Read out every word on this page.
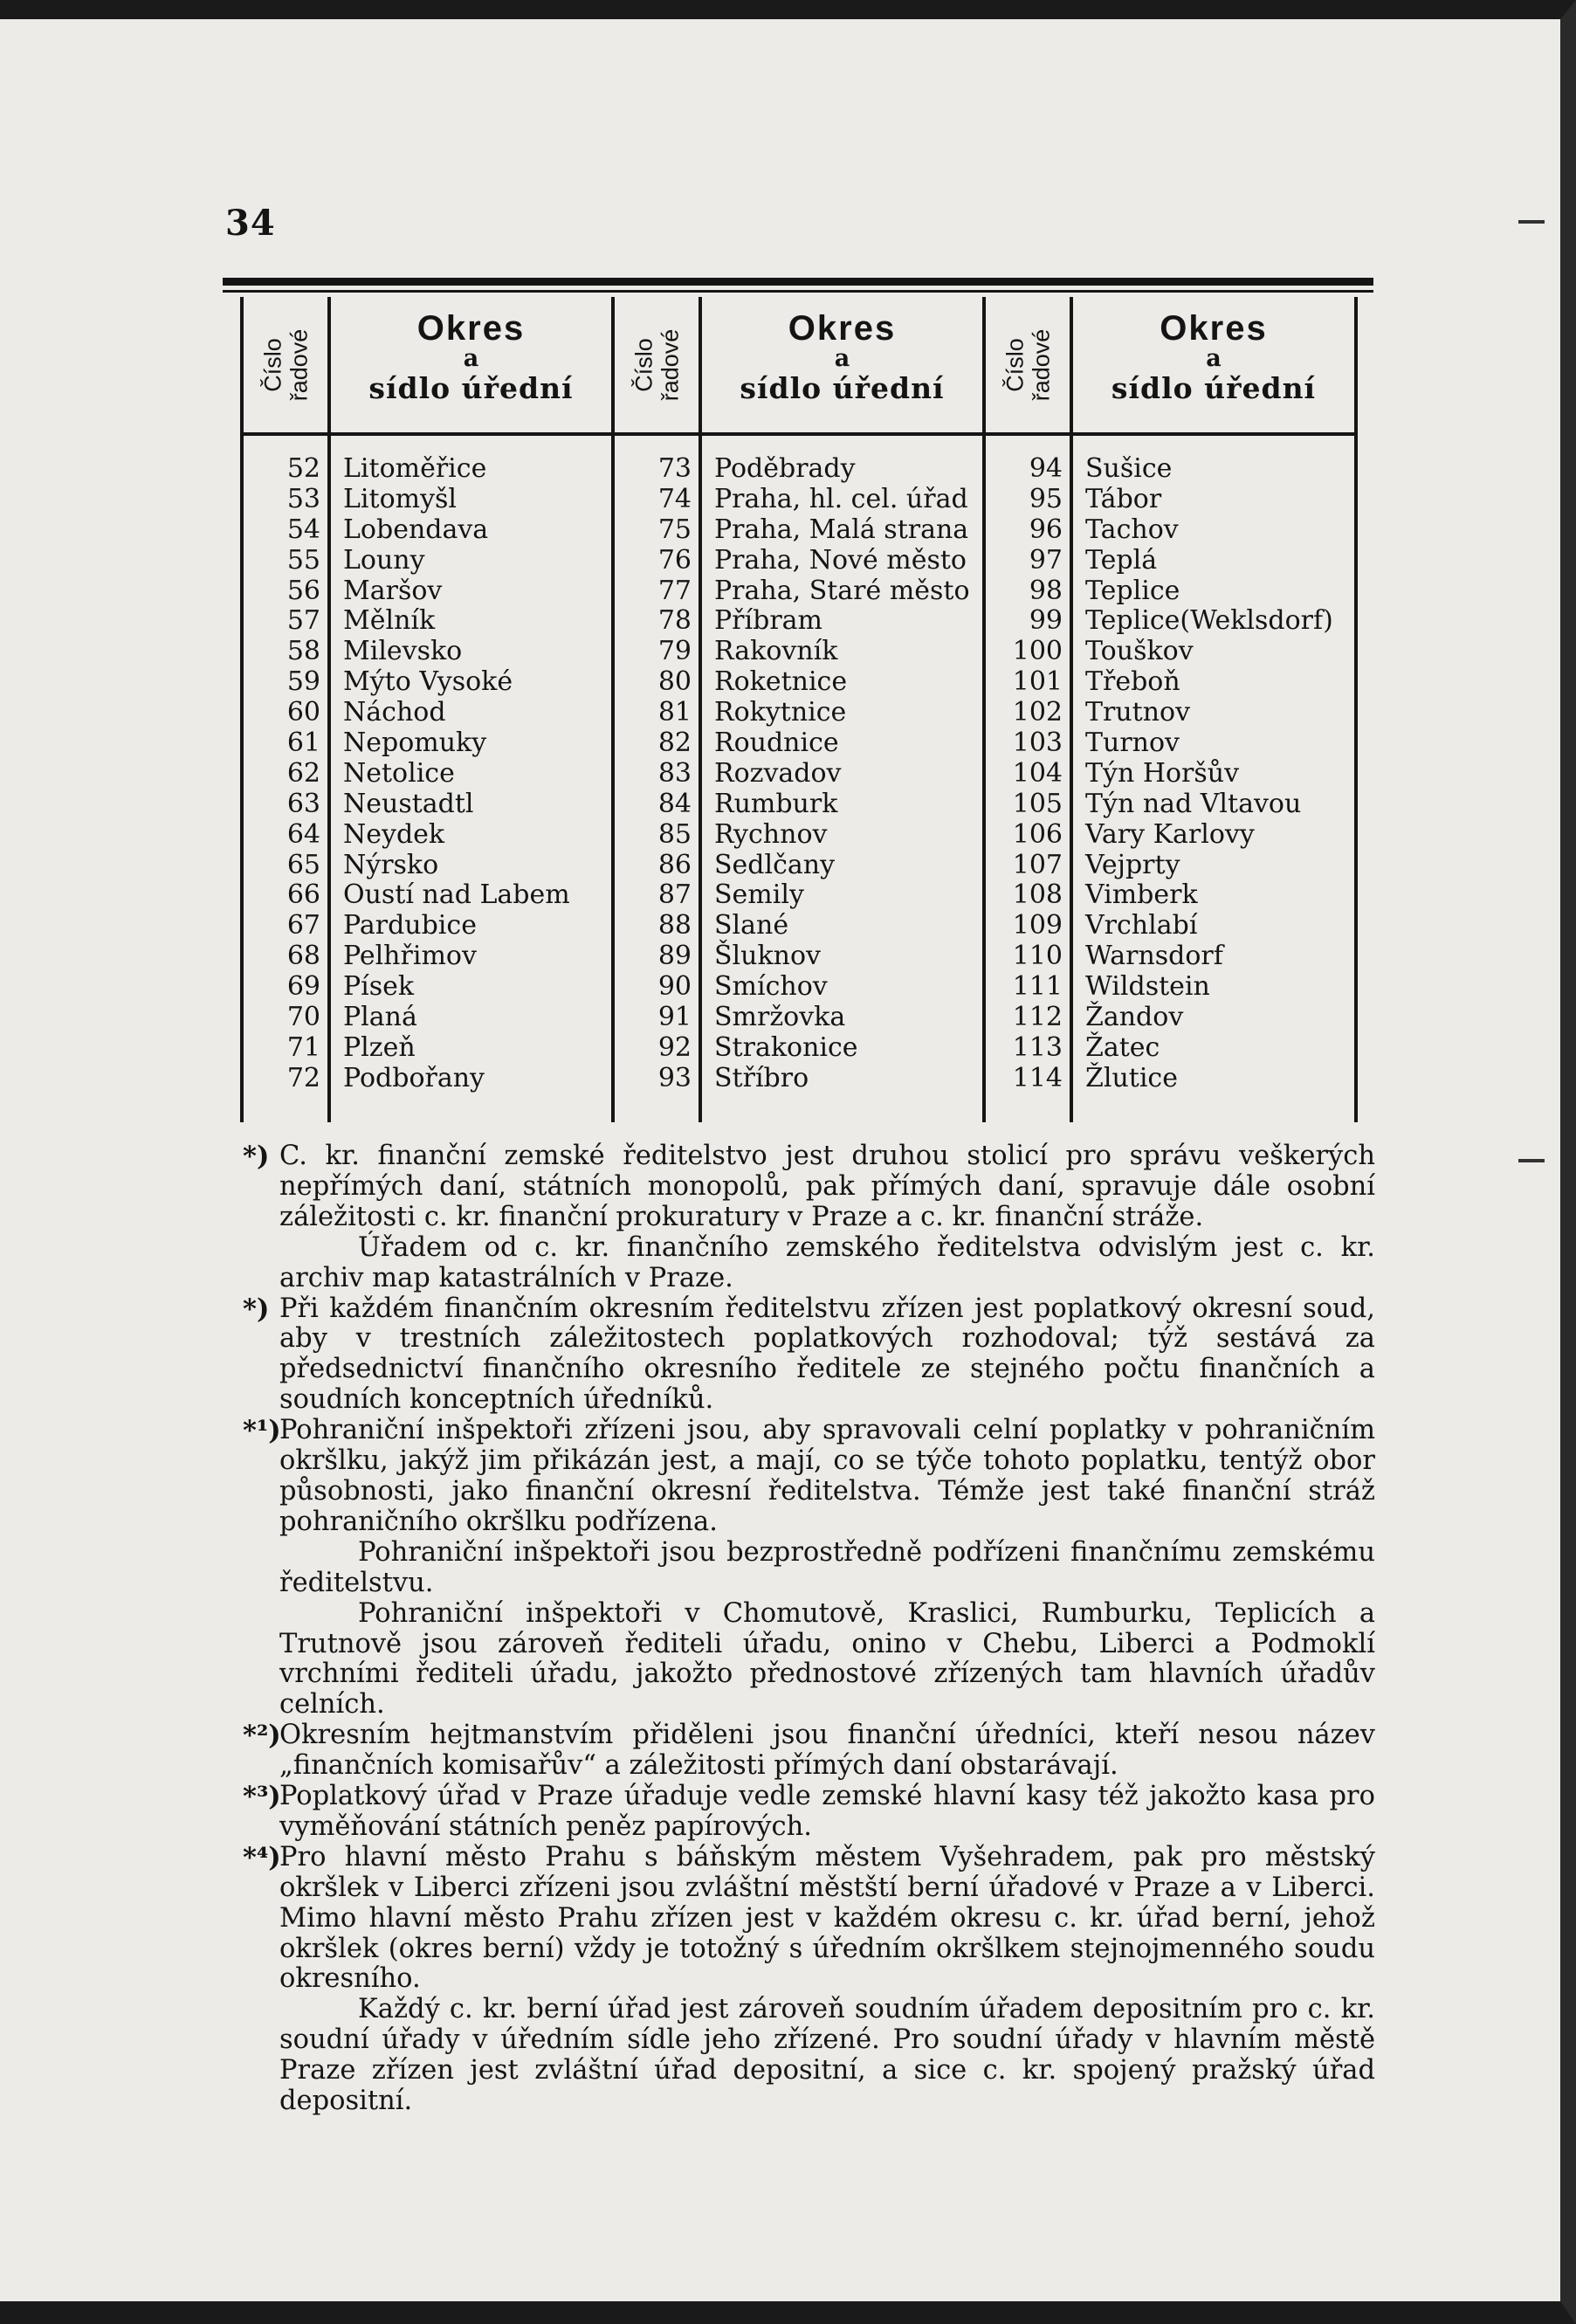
34
Číslo
řadové
52
53
54
55
56
57
58
59
60
61
62
63
64
65
66
67
68
69
70
71
72
Okres
a
sídlo úřední
Litoměřice
Litomyšl
Lobendava
Louny
Maršov
Mělník
Milevsko
Mýto Vysoké
Náchod
Nepomuky
Netolice
Neustadtl
Neydek
Nýrsko
Oustí nad Labem
Pardubice
Pelhřimov
Písek
Planá
Plzeň
Podbořany
Číslo
řadové
73
74
75
76
77
78
79
80
81
82
83
84
85
86
87
88
89
90
91
92
93
Okres
a
sídlo úřední
Poděbrady
Praha, hl. cel. úřad
Praha, Malá strana
Praha, Nové město
Praha, Staré město
Příbram
Rakovník
Roketnice
Rokytnice
Roudnice
Rozvadov
Rumburk
Rychnov
Sedlčany
Semily
Slané
Šluknov
Smíchov
Smržovka
Strakonice
Stříbro
Číslo
řadové
94
95
96
97
98
99
100
101
102
103
104
105
106
107
108
109
110
111
112
113
114
Okres
a
sídlo úřední
Sušice
Tábor
Tachov
Teplá
Teplice
Teplice(Weklsdorf)
Touškov
Třeboň
Trutnov
Turnov
Týn Horšův
Týn nad Vltavou
Vary Karlovy
Vejprty
Vimberk
Vrchlabí
Warnsdorf
Wildstein
Žandov
Žatec
Žlutice
*) C. kr. finanční zemské ředitelstvo jest druhou stolicí pro správu veškerých nepřímých daní, státních monopolů, pak přímých daní, spravuje dále osobní záležitosti c. kr. finanční prokuratury v Praze a c. kr. finanční stráže.

Úřadem od c. kr. finančního zemského ředitelstva odvislým jest c. kr. archiv map katastrálních v Praze.

*) Při každém finančním okresním ředitelstvu zřízen jest poplatkový okresní soud, aby v trestních záležitostech poplatkových rozhodoval; týž sestává za předsednictví finančního okresního ředitele ze stejného počtu finančních a soudních konceptních úředníků.

*¹)

Pohraniční inšpektoři zřízeni jsou, aby spravovali celní poplatky v pohraničním okršlku, jakýž jim přikázán jest, a mají, co se týče tohoto poplatku, tentýž obor působnosti, jako finanční okresní ředitelstva. Témže jest také finanční stráž pohraničního okršlku podřízena.

Pohraniční inšpektoři jsou bezprostředně podřízeni finančnímu zemskému ředitelstvu.

Pohraniční inšpektoři v Chomutově, Kraslici, Rumburku, Teplicích a Trutnově jsou zároveň řediteli úřadu, onino v Chebu, Liberci a Podmoklí vrchními řediteli úřadu, jakožto přednostové zřízených tam hlavních úřadův celních.

*²)

Okresním hejtmanstvím přiděleni jsou finanční úředníci, kteří nesou název „finančních komisařův“ a záležitosti přímých daní obstarávají.

*³)

Poplatkový úřad v Praze úřaduje vedle zemské hlavní kasy též jakožto kasa pro vyměňování státních peněz papírových.

*⁴)

Pro hlavní město Prahu s báňským městem Vyšehradem, pak pro městský okršlek v Liberci zřízeni jsou zvláštní městští berní úřadové v Praze a v Liberci. Mimo hlavní město Prahu zřízen jest v každém okresu c. kr. úřad berní, jehož okršlek (okres berní) vždy je totožný s úředním okršlkem stejnojmenného soudu okresního.

Každý c. kr. berní úřad jest zároveň soudním úřadem depositním pro c. kr. soudní úřady v úředním sídle jeho zřízené. Pro soudní úřady v hlavním městě Praze zřízen jest zvláštní úřad depositní, a sice c. kr. spojený pražský úřad depositní.
